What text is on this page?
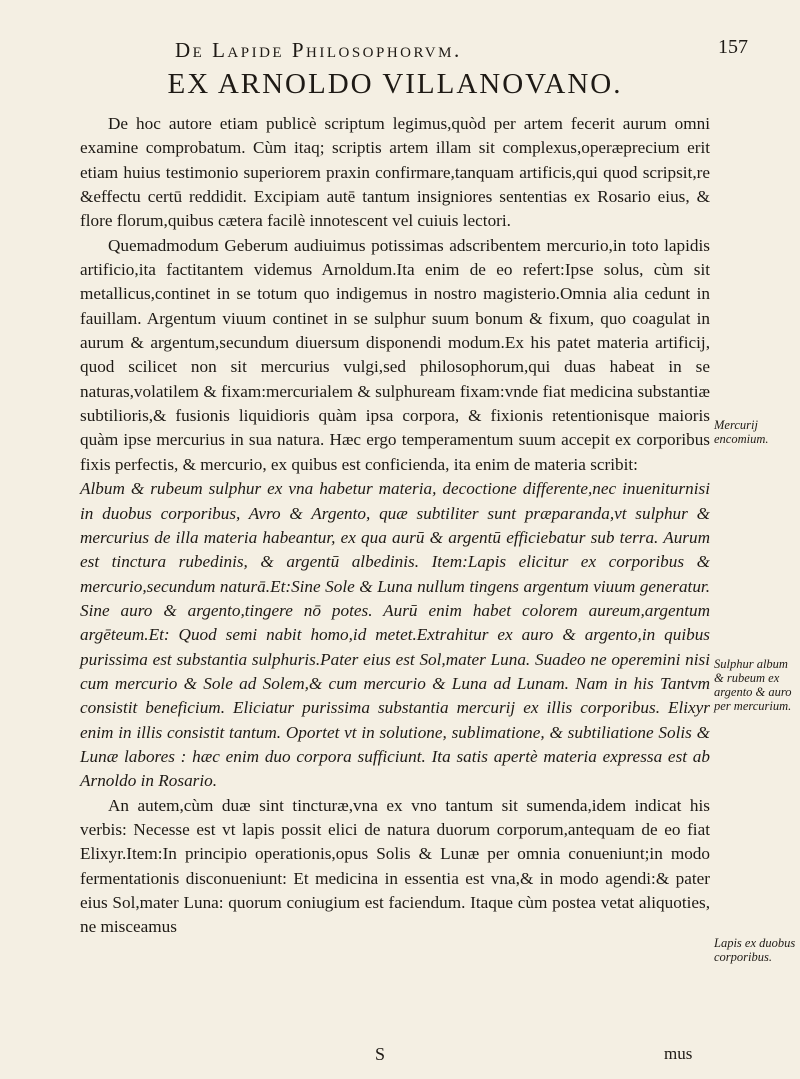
De Lapide Philosophorvm.	157
EX ARNOLDO VILLANOVANO.

De hoc autore etiam publicè scriptum legimus,quòd per artem fecerit aurum omni examine comprobatum. Cùm itaq; scriptis artem illam sit complexus,operæprecium erit etiam huius testimonio superiorem praxin confirmare,tanquam artificis,qui quod scripsit,re &effectu certū reddidit. Excipiam autē tantum insigniores sententias ex Rosario eius, & flore florum,quibus cætera facilè innotescent vel cuiuis lectori.

Quemadmodum Geberum audiuimus potissimas adscribentem mercurio,in toto lapidis artificio,ita factitantem videmus Arnoldum.Ita enim de eo refert:Ipse solus, cùm sit metallicus,continet in se totum quo indigemus in nostro magisterio.Omnia alia cedunt in fauillam. Argentum viuum continet in se sulphur suum bonum & fixum, quo coagulat in aurum & argentum,secundum diuersum disponendi modum.Ex his patet materia artificij, quod scilicet non sit mercurius vulgi,sed philosophorum,qui duas habeat in se naturas,volatilem & fixam:mercurialem & sulphuream fixam:vnde fiat medicina substantiæ subtilioris,& fusionis liquidioris quàm ipsa corpora, & fixionis retentionisque maioris quàm ipse mercurius in sua natura. Hæc ergo temperamentum suum accepit ex corporibus fixis perfectis, & mercurio, ex quibus est conficienda, ita enim de materia scribit:

Album & rubeum sulphur ex vna habetur materia, decoctione differente,nec inueniturnisi in duobus corporibus, Avro & Argento, quæ subtiliter sunt præparanda,vt sulphur & mercurius de illa materia habeantur, ex qua aurū & argentū efficiebatur sub terra. Aurum est tinctura rubedinis, & argentū albedinis. Item:Lapis elicitur ex corporibus & mercurio,secundum naturā.Et:Sine Sole & Luna nullum tingens argentum viuum generatur. Sine auro & argento,tingere nō potes. Aurū enim habet colorem aureum,argentum argēteum.Et: Quod semi nabit homo,id metet.Extrahitur ex auro & argento,in quibus purissima est substantia sulphuris.Pater eius est Sol,mater Luna. Suadeo ne operemini nisi cum mercurio & Sole ad Solem,& cum mercurio & Luna ad Lunam. Nam in his Tantvm consistit beneficium. Eliciatur purissima substantia mercurij ex illis corporibus. Elixyr enim in illis consistit tantum. Oportet vt in solutione, sublimatione, & subtiliatione Solis & Lunæ labores : hæc enim duo corpora sufficiunt. Ita satis apertè materia expressa est ab Arnoldo in Rosario.

An autem,cùm duæ sint tincturæ,vna ex vno tantum sit sumenda,idem indicat his verbis: Necesse est vt lapis possit elici de natura duorum corporum,antequam de eo fiat Elixyr.Item:In principio operationis,opus Solis & Lunæ per omnia conueniunt;in modo fermentationis disconueniunt: Et medicina in essentia est vna,& in modo agendi:& pater eius Sol,mater Luna: quorum coniugium est faciendum. Itaque cùm postea vetat aliquoties, ne misceamus

Mercurij encomium.
Sulphur album & rubeum ex argento & auro per mercurium.
Lapis ex duobus corporibus.
S	mus
